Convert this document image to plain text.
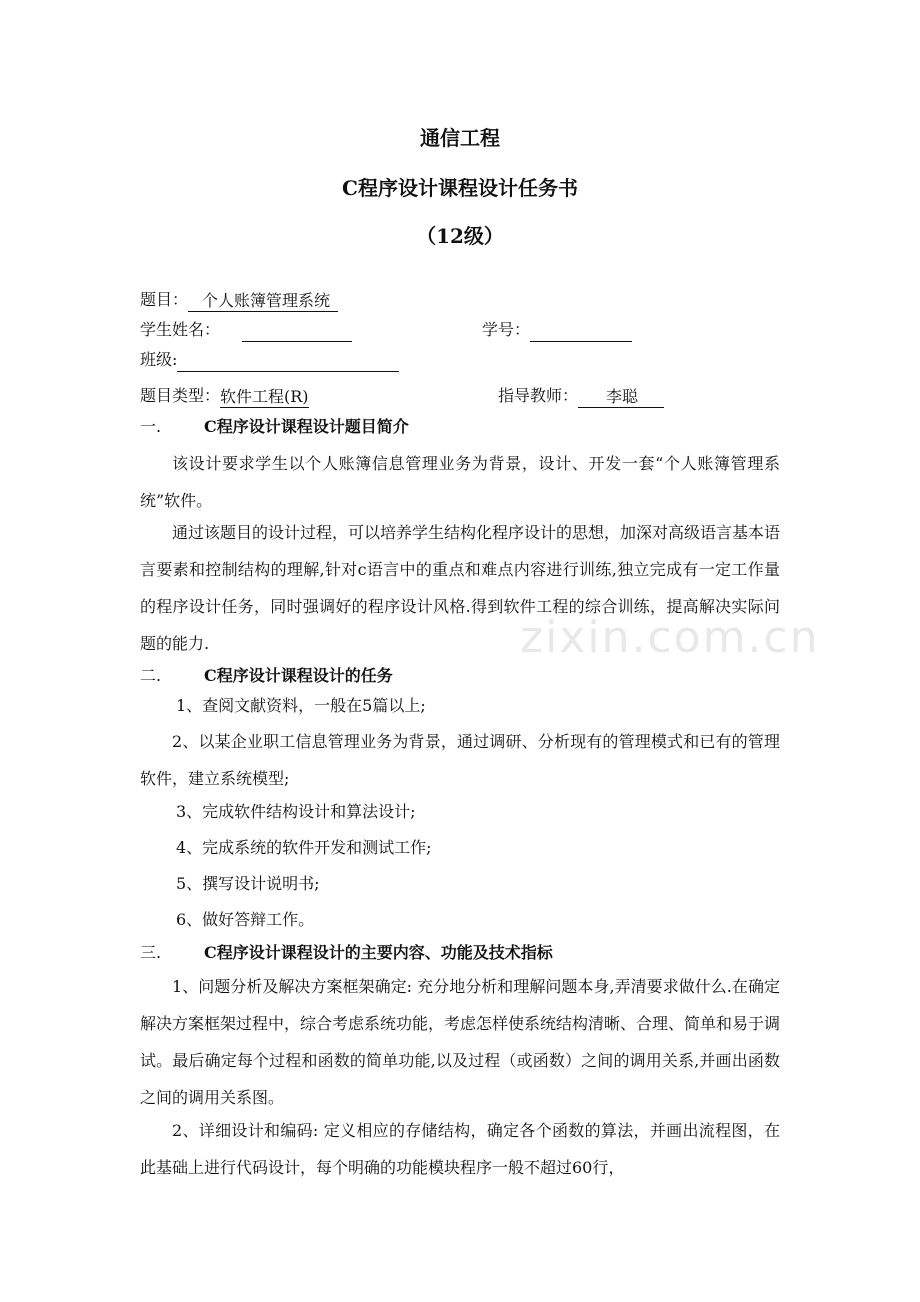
zixin.com.cn
通信工程
C程序设计课程设计任务书
（12级）
题目： 个人账簿管理系统
学生姓名：	学号：
班级:
题目类型：软件工程(R)	指导教师： 李聪
一.	C程序设计课程设计题目简介
该设计要求学生以个人账簿信息管理业务为背景，设计、开发一套“个人账簿管理系统”软件。
通过该题目的设计过程，可以培养学生结构化程序设计的思想，加深对高级语言基本语言要素和控制结构的理解,针对c语言中的重点和难点内容进行训练,独立完成有一定工作量的程序设计任务，同时强调好的程序设计风格.得到软件工程的综合训练，提高解决实际问题的能力.
二.	C程序设计课程设计的任务
1、查阅文献资料，一般在5篇以上;
2、以某企业职工信息管理业务为背景，通过调研、分析现有的管理模式和已有的管理软件，建立系统模型;
3、完成软件结构设计和算法设计;
4、完成系统的软件开发和测试工作;
5、撰写设计说明书;
6、做好答辩工作。
三.	C程序设计课程设计的主要内容、功能及技术指标
1、问题分析及解决方案框架确定: 充分地分析和理解问题本身,弄清要求做什么.在确定解决方案框架过程中，综合考虑系统功能，考虑怎样使系统结构清晰、合理、简单和易于调试。最后确定每个过程和函数的简单功能,以及过程（或函数）之间的调用关系,并画出函数之间的调用关系图。
2、详细设计和编码: 定义相应的存储结构，确定各个函数的算法，并画出流程图，在此基础上进行代码设计，每个明确的功能模块程序一般不超过60行，
